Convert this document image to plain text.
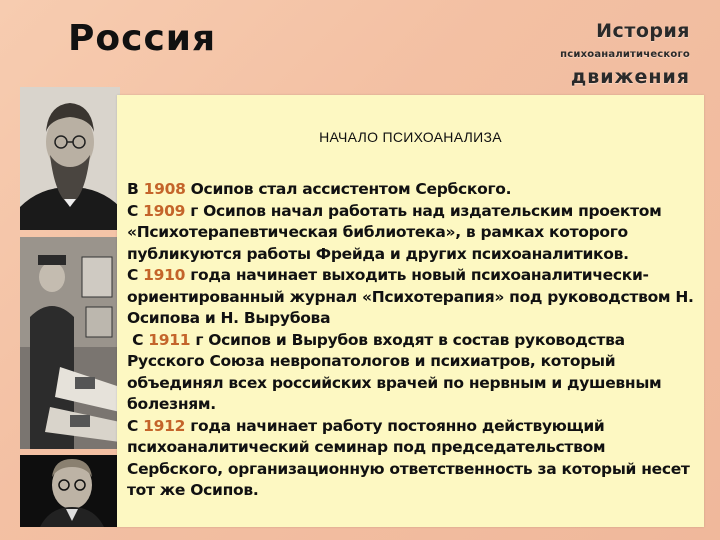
Россия	История
психоаналитического
движения
НАЧАЛО ПСИХОАНАЛИЗА

В 1908 Осипов стал ассистентом Сербского.

С 1909 г Осипов начал работать над издательским проектом «Психотерапевтическая библиотека», в рамках которого публикуются работы Фрейда и других психоаналитиков.

С 1910 года начинает выходить новый психоаналитически-ориентированный журнал «Психотерапия» под руководством Н. Осипова и Н. Вырубова

С 1911 г Осипов и Вырубов входят в состав руководства Русского Союза невропатологов и психиатров, который объединял всех российских врачей по нервным и душевным болезням.

С 1912 года начинает работу постоянно действующий психоаналитический семинар под председательством Сербского, организационную ответственность за который несет тот же Осипов.
